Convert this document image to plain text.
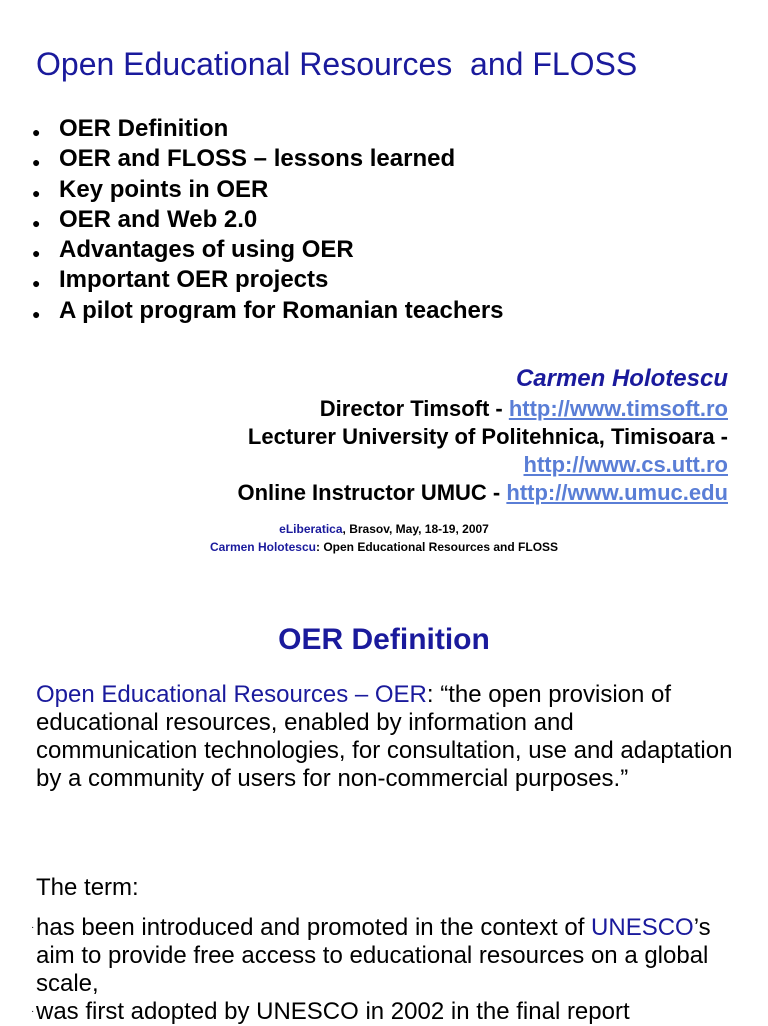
Open Educational Resources  and FLOSS
● OER Definition
● OER and FLOSS – lessons learned
● Key points in OER
● OER and Web 2.0
● Advantages of using OER
● Important OER projects
● A pilot program for Romanian teachers
Carmen Holotescu
Director Timsoft - http://www.timsoft.ro
Lecturer University of Politehnica, Timisoara -
http://www.cs.utt.ro
Online Instructor UMUC - http://www.umuc.edu
eLiberatica, Brasov, May, 18-19, 2007
Carmen Holotescu: Open Educational Resources and FLOSS
OER Definition

Open Educational Resources – OER: “the open provision of educational resources, enabled by information and communication technologies, for consultation, use and adaptation by a community of users for non-commercial purposes.”

The term:

· has been introduced and promoted in the context of UNESCO’s aim to provide free access to educational resources on a global scale,
· was first adopted by UNESCO in 2002 in the final report
